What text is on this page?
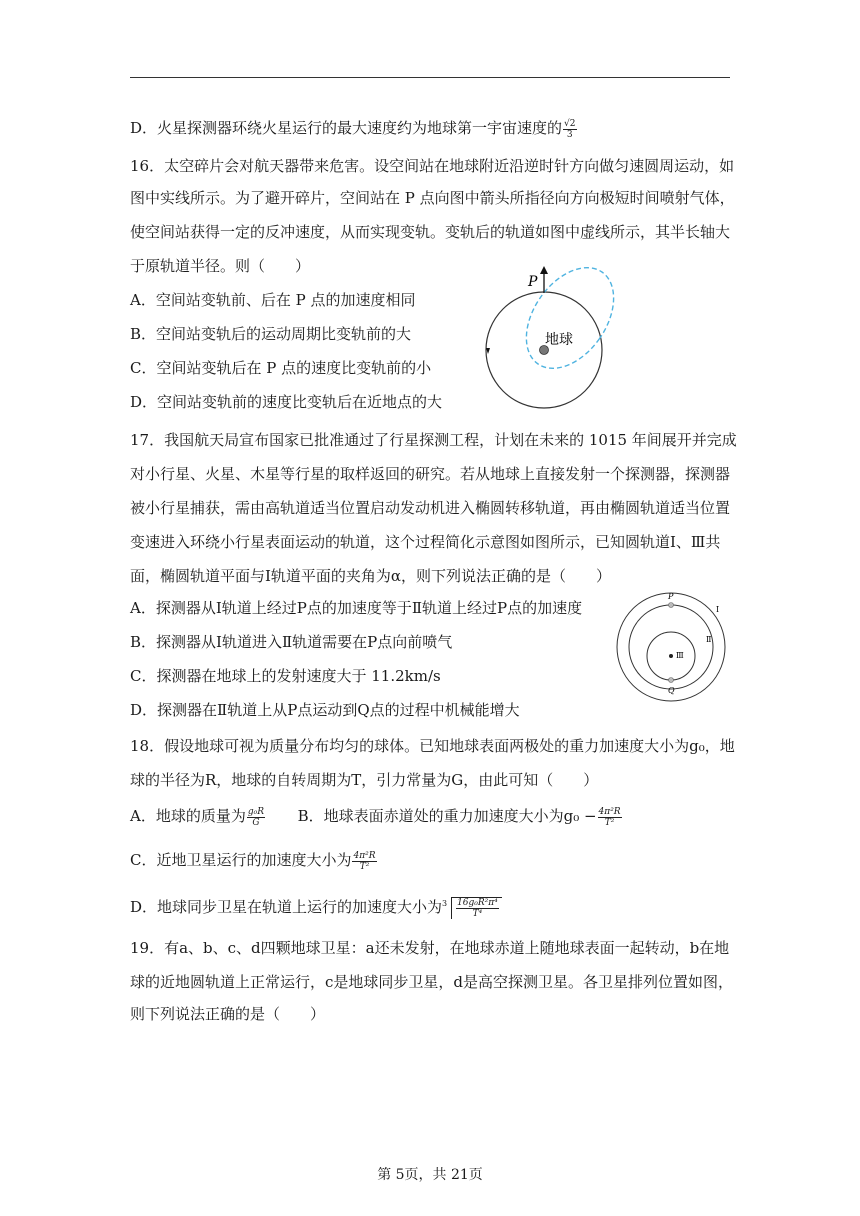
D．火星探测器环绕火星运行的最大速度约为地球第一宇宙速度的 $\frac{√2}{3}$
16．太空碎片会对航天器带来危害。设空间站在地球附近沿逆时针方向做匀速圆周运动，如
图中实线所示。为了避开碎片，空间站在 P 点向图中箭头所指径向方向极短时间喷射气体，
使空间站获得一定的反冲速度，从而实现变轨。变轨后的轨道如图中虚线所示，其半长轴大
于原轨道半径。则（　　）
A．空间站变轨前、后在 P 点的加速度相同
B．空间站变轨后的运动周期比变轨前的大
C．空间站变轨后在 P 点的速度比变轨前的小
D．空间站变轨前的速度比变轨后在近地点的大
P
地球
17．我国航天局宣布国家已批准通过了行星探测工程，计划在未来的 1015 年间展开并完成
对小行星、火星、木星等行星的取样返回的研究。若从地球上直接发射一个探测器，探测器
被小行星捕获，需由高轨道适当位置启动发动机进入椭圆转移轨道，再由椭圆轨道适当位置
变速进入环绕小行星表面运动的轨道，这个过程简化示意图如图所示，已知圆轨道Ⅰ、Ⅲ共
面，椭圆轨道平面与Ⅰ轨道平面的夹角为α，则下列说法正确的是（　　）
A．探测器从Ⅰ轨道上经过P点的加速度等于Ⅱ轨道上经过P点的加速度
B．探测器从Ⅰ轨道进入Ⅱ轨道需要在P点向前喷气
C．探测器在地球上的发射速度大于 11.2km/s
D．探测器在Ⅱ轨道上从P点运动到Q点的过程中机械能增大
P
Q
Ⅰ
Ⅱ
Ⅲ
18．假设地球可视为质量分布均匀的球体。已知地球表面两极处的重力加速度大小为g₀，地
球的半径为R，地球的自转周期为T，引力常量为G，由此可知（　　）
A．地球的质量为 $\frac{\text{g₀R}}{G}$ B．地球表面赤道处的重力加速度大小为$g_0 - \frac{\text{4π²R}}{\text{T²}}$
C．近地卫星运行的加速度大小为 $\frac{\text{4π²R}}{\text{T²}}$
D．地球同步卫星在轨道上运行的加速度大小为 $3 \frac{\text{16g₀R²π⁴}}{\text{T⁴}}$
19．有a、b、c、d四颗地球卫星：a还未发射，在地球赤道上随地球表面一起转动，b在地
球的近地圆轨道上正常运行，c是地球同步卫星，d是高空探测卫星。各卫星排列位置如图，
则下列说法正确的是（　　）
第 5页，共 21页
